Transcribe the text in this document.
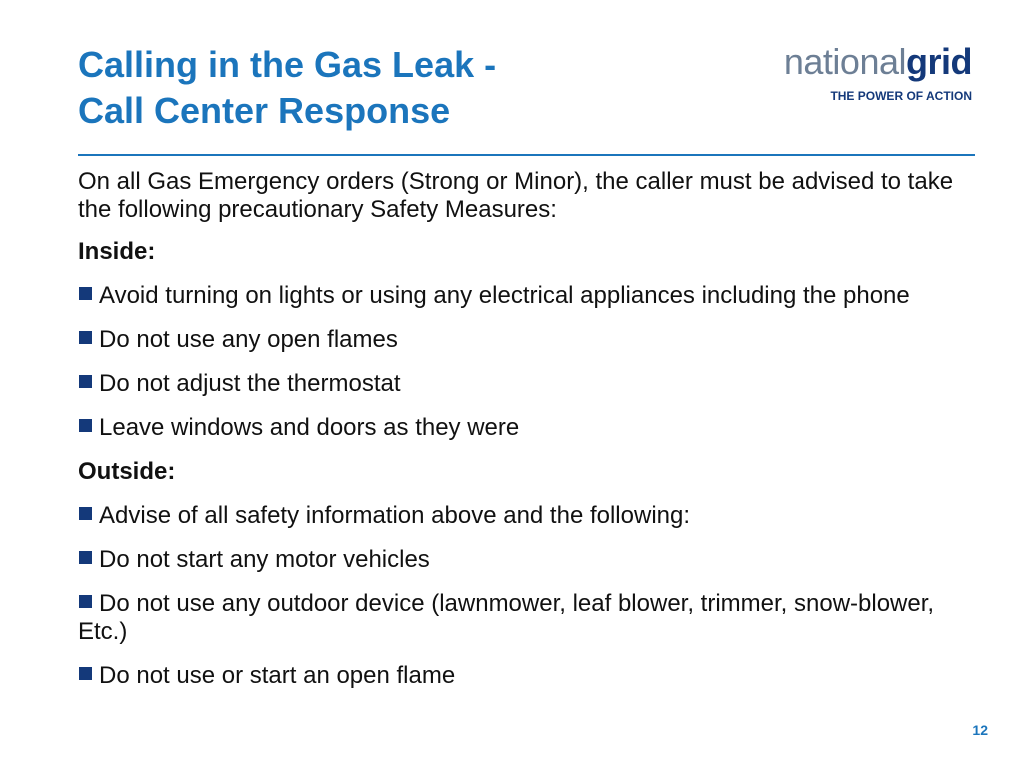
Calling in the Gas Leak -
Call Center Response
nationalgrid
THE POWER OF ACTION

On all Gas Emergency orders (Strong or Minor), the caller must be advised to take the following precautionary Safety Measures:

Inside:

Avoid turning on lights or using any electrical appliances including the phone

Do not use any open flames

Do not adjust the thermostat

Leave windows and doors as they were

Outside:

Advise of all safety information above and the following:

Do not start any motor vehicles

Do not use any outdoor device (lawnmower, leaf blower, trimmer, snow-blower, Etc.)

Do not use or start an open flame

12
